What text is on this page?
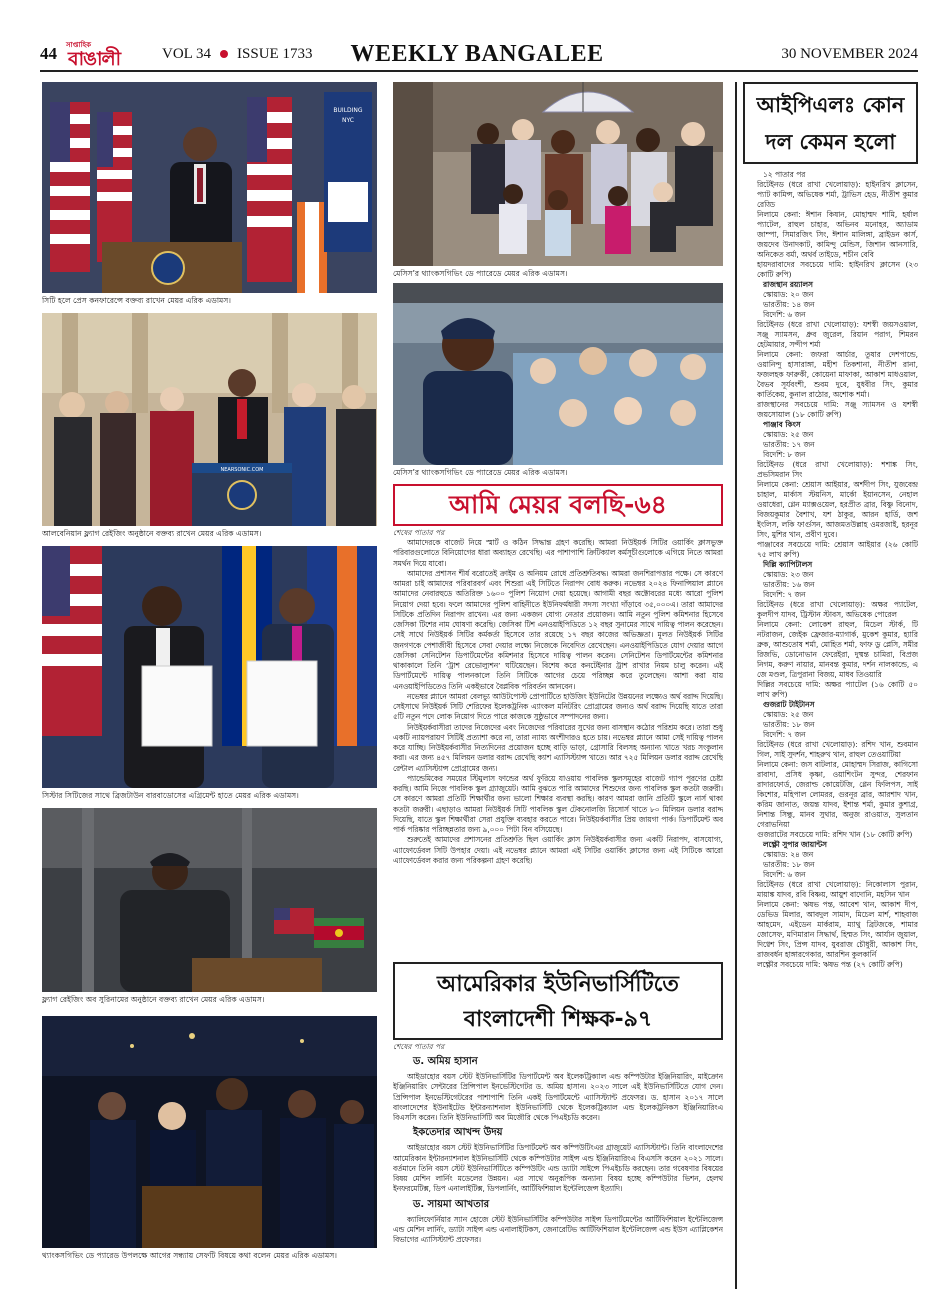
44	সাপ্তাহিক
বাঙালী	VOL 34 ISSUE 1733 WEEKLY BANGALEE	30 NOVEMBER 2024
BUILDING
NYC
সিটি হলে প্রেস কনফারেন্সে বক্তব্য রাখেন মেয়র এরিক এডামস।
NEARSONIC.COM
আলবেনিয়ান ফ্ল্যাগ রেইজিং অনুষ্ঠানে বক্তব্য রাখেন মেয়র এরিক এডামস।
সিস্টার সিটিজের সাথে ব্রিজটাউন বারবাডোসের এগ্রিমেন্ট হাতে মেয়র এরিক এডামস।
ফ্ল্যাগ রেইজিং অব সুরিনামের অনুষ্ঠানে বক্তব্য রাখেন মেয়র এরিক এডামস।
থ্যাংকসগিভিং ডে প্যারেড উপলক্ষে আগের সন্ধ্যায় সেফটি বিষয়ে কথা বলেন মেয়র এরিক এডামস।
মেসিস’র থ্যাংকসগিভিং ডে প্যারেডে মেয়র এরিক এডামস।
মেসিস’র থ্যাংকসগিভিং ডে প্যারেডে মেয়র এরিক এডামস।
আমি মেয়র বলছি-৬৪
শেষের পাতার পর

আমাদেরকে বাজেট নিয়ে স্মার্ট ও কঠিন সিদ্ধান্ত গ্রহণ করেছি। আমরা নিউইয়র্ক সিটির ওয়ার্কিং ক্লাসভুক্ত পরিবারগুলোতে বিনিয়োগের ধারা অব্যাহত রেখেছি। এর পাশাপাশি ক্রিটিক্যাল কর্মসূচীগুলোকে এগিয়ে নিতে আমরা সমর্থন দিয়ে যাবো।

আমাদের প্রশাসন শীর্ষ বরোতেই ক্রাইম ও অনিয়ম রোধে প্রতিশ্রুতিবদ্ধ। আমরা জনশিরাপত্তার পক্ষে। সে কারণে আমরা চাই আমাদের পরিবারবর্গ এবং শিশুরা এই সিটিতে নিরাপদ বোধ করুক। নভেম্বর ২০২৪ ফিনান্সিয়াল প্ল্যানে আমাদের নেবারহুডে অতিরিক্ত ১৬০০ পুলিশ নিয়োগ দেয়া হয়েছে। আগামী বছর অক্টোবরের মধ্যে আরো পুলিশ নিয়োগ দেয়া হবে। ফলে আমাদের পুলিশ বাহিনীতে ইউনিফর্মধারী সদস্য সংখ্যা দাঁড়াবে ৩৫,০০০এ। তারা আমাদের সিটিকে প্রতিদিন নিরাপদ রাখেন। এর জন্য একজন যোগ্য নেতার প্রয়োজন। আমি নতুন পুলিশ কমিশনার হিসেবে জেসিকা টিশের নাম ঘোষণা করেছি। জেসিকা টিশ এনওয়াইপিডিতে ১২ বছর সুনামের সাথে দায়িত্ব পালন করেছেন। সেই সাথে নিউইয়র্ক সিটির কর্মকর্তা হিসেবে তার রয়েছে ১৭ বছর কাজের অভিজ্ঞতা। মূলত নিউইয়র্ক সিটির জনগণকে পেশাজীবী হিসেবে সেবা দেয়ার লক্ষ্যে নিজেকে নিবেদিত রেখেছেন। এনওয়াইপিডিতে যোগ দেয়ার আগে জেসিকা সেনিটেশন ডিপার্টমেন্টের কমিশনার হিসেবে দায়িত্ব পালন করেন। সেনিটেশন ডিপার্টমেন্টের কমিশনার থাকাকালে তিনি ‘ট্রাশ রেভোল্যুশন’ ঘটিয়েছেন। বিশেষ করে কনটেইনার ট্রাশ রাখার নিয়ম চালু করেন। এই ডিপার্টমেন্টে দায়িত্ব পালনকালে তিনি সিটিকে আগের চেয়ে পরিচ্ছন্ন করে তুলেছেন। আশা করা যায় এনওয়াইপিডিতেও তিনি একইভাবে বৈপ্লবিক পরিবর্তন আনবেন।

নভেম্বর প্ল্যানে আমরা বেলভ্যু আউটপোস্ট প্রোপার্টিতে হাউজিং ইউনিটের উন্নয়নের লক্ষ্যেও অর্থ বরাদ্দ দিয়েছি। সেইসাথে নিউইয়র্ক সিটি শেরিফের ইলেকট্রনিক এ্যাংকল মনিটরিং প্রোগ্রামের জন্যও অর্থ বরাদ্দ দিয়েছি যাতে তারা ৫টি নতুন পদে লোক নিয়োগ দিতে পারে কাজকে সুষ্ঠুভাবে সম্পাদনের জন্য।

নিউইয়র্কবাসীরা তাদের নিজেদের এবং নিজেদের পরিবারের সুখের জন্য বাসস্থান কঠোর পরিশ্রম করে। তারা শুধু একটি ন্যায়পরায়ণ সিটিই প্রত্যাশা করে না, তারা ন্যায্য অংশীদারও হতে চায়। নভেম্বর প্ল্যানে আমা সেই দায়িত্ব পালন করে যাচ্ছি। নিউইয়র্কবাসীর নিত্যদিনের প্রয়োজন হচ্ছে বাড়ি ভাড়া, গ্রোসারি বিলসহ অন্যান্য খাতে খরচ সংকুলান করা। এর জন্য ৪৫৭ মিলিয়ন ডলার বরাদ্দ রেখেছি ক্যাশ এ্যাসিস্ট্যান্স খাতে। আর ৭২৫ মিলিয়ন ডলার বরাদ্দ রেখেছি রেন্টাল এ্যাসিস্ট্যান্স প্রোগ্রামের জন্য।

প্যান্ডেমিকের সময়ের স্টিমুলাস ফান্ডের অর্থ ফুরিয়ে যাওয়ায় পাবলিক স্কুলসমূহের বাজেট গ্যাপ পূরণের চেষ্টা করছি। আমি নিজে পাবলিক স্কুল গ্র্যাজুয়েট। আমি বুঝতে পারি আমাদের শিশুদের জন্য পাবলিক স্কুল কতটা জরুরী। সে কারণে আমরা প্রতিটি শিক্ষার্থীর জন্য ভালো শিক্ষার ব্যবস্থা করছি। কারণ আমরা জানি প্রতিটি স্কুলে নার্স থাকা কতটা জরুরী। এছাড়াও আমরা নিউইয়র্ক সিটি পাবলিক স্কুল টেকনোলজি রিসোর্স খাতে ৮০ মিলিয়ন ডলার বরাদ্দ দিয়েছি, যাতে স্কুল শিক্ষার্থীরা সেরা প্রযুক্তি ব্যবহার করতে পারে। নিউইয়র্কবাসীর প্রিয় জায়গা পার্ক। ডিপার্টমেন্ট অব পার্ক পরিষ্কার পরিচ্ছন্নতার জন্য ৯,০০০ পিটা বিন বসিয়েছে।

শুরুতেই আমাদের প্রশাসনের প্রতিশ্রুতি ছিল ওয়ার্কিং ক্লাস নিউইয়র্কবাসীর জন্য একটি নিরাপদ, বাসযোগ্য, এ্যাফোর্ডেবল সিটি উপহার দেয়া। এই নভেম্বর প্ল্যানে আমরা এই সিটির ওয়ার্কিং ক্লাসের জন্য এই সিটিকে আরো এ্যাফোর্ডেবল করার জন্য পরিকল্পনা গ্রহণ করেছি।

আমেরিকার ইউনিভার্সিটিতে
বাংলাদেশী শিক্ষক-৯৭
শেষের পাতার পর
ড. অমিয় হাসান
আইডাহোর বয়স স্টেট ইউনিভার্সিটির ডিপার্টমেন্ট অব ইলেকট্রিক্যাল এন্ড কম্পিউটার ইঞ্জিনিয়ারিং, মাইক্রোন ইঞ্জিনিয়ারিং সেন্টারের প্রিন্সিপাল ইনভেস্টিগেটর ড. অমিয় হাসান। ২০২৩ সালে এই ইউনিভার্সিটিতে যোগ দেন। প্রিন্সিপাল ইনভেস্টিগেটরের পাশাপাশি তিনি একই ডিপার্টমেন্টে এ্যাসিস্ট্যান্ট প্রফেসর। ড. হাসান ২০১৭ সালে বাংলাদেশের ইউনাইটেড ইন্টারন্যাশনাল ইউনিভার্সিটি থেকে ইলেকট্রিক্যাল এন্ড ইলেকট্রনিকস ইঞ্জিনিয়ারিংএ বিএসসি করেন। তিনি ইউনিভার্সিটি অব মিজৌরি থেকে পিএইচডি করেন।
ইকতেদার আখন্দ উদয়
আইডাহোর বয়স স্টেট ইউনিভার্সিটির ডিপার্টমেন্ট অব কম্পিউটিংএর গ্রাজুয়েট এ্যাসিস্ট্যান্ট। তিনি বাংলাদেশের আমেরিকান ইন্টারন্যাশনাল ইউনিভার্সিটি থেকে কম্পিউটার সাইন্স এন্ড ইঞ্জিনিয়ারিংএ বিএসসি করেন ২০২১ সালে। বর্তমানে তিনি বয়স স্টেট ইউনিভার্সিটিতে কম্পিউটিং এন্ড ড্যাটা সাইন্সে পিএইচডি করছেন। তার গবেষণার বিষয়ের বিষয় মেশিন লার্নিং মডেলের উন্নয়ন। এর সাথে অনুরূপিক অন্যান্য বিষয় হচ্ছে কম্পিউটার ভিশন, হেলথ ইনফরমেটিক্স, ডিপ এনালাইটিক্স, ডিপলার্নিং, আর্টিফিশিয়াল ইন্টেলিজেন্স ইত্যাদি।
ড. সায়মা আখতার
ক্যালিফোর্নিয়ার স্যান হোজে স্টেট ইউনিভার্সিটির কম্পিউটার সাইন্স ডিপার্টমেন্টের আর্টিফিশিয়াল ইন্টেলিজেন্স এন্ড মেশিন লার্নিং, ড্যাটা সাইন্স এন্ড এনালাইটিকস, জেনারেটিভ আর্টিফিশিয়াল ইন্টেলিজেন্স এন্ড ইউস এ্যাপ্লিকেশন বিভাগের এ্যাসিস্ট্যান্ট প্রফেসর।
আইপিএলঃ কোন
দল কেমন হলো
১২ পাতার পর
রিটেইনড (ধরে রাখা খেলোয়াড়): হাইনরিখ ক্লাসেন, প্যাট কামিন্স, অভিষেক শর্মা, ট্রাভিস হেড, নীতীশ কুমার রেড্ডি
নিলামে কেনা: ঈশান কিষান, মোহাম্মদ শামি, হর্ষাল প্যাটেল, রাহুল চাহার, অভিনব মনোহর, অ্যাডাম জাম্পা, সিমারজিৎ সিং, ঈশান মালিঙ্গা, ব্রাইডন কার্স, জয়দেব উনাদকাট, কামিন্দু মেন্ডিস, জিশান আনসারি, অনিকেত বর্মা, অথর্ব তাইডে, শচীন বেবি
হায়দরাবাদের সবচেয়ে দামি: হাইনরিখ ক্লাসেন (২৩ কোটি রুপি)
রাজস্থান রয়্যালস
স্কোয়াড: ২০ জন
ভারতীয়: ১৪ জন
বিদেশি: ৬ জন
রিটেইনড (ধরে রাখা খেলোয়াড়): যশস্বী জয়সওয়াল, সঞ্জু স্যামসন, ধ্রুব জুরেল, রিয়ান পরাগ, শিমরন হেটমায়ার, সন্দীপ শর্মা
নিলামে কেনা: জফরা আর্চার, তুষার দেশপান্ডে, ওয়ানিন্দু হাসারাঙ্গা, মহীশ তিকশানা, নীতীশ রানা, ফজলহক ফারুকী, কোয়েনা মাফাকা, আকাশ মাধওয়াল, বৈভব সূর্যবংশী, শুবম দুবে, যুধবীর সিং, কুমার কার্তিকেয়, কুনাল রাঠোর, অশোক শর্মা।
রাজস্থানের সবচেয়ে দামি: সঞ্জু স্যামসন ও যশস্বী জয়সোয়াল (১৮ কোটি রুপি)
পাঞ্জাব কিংস
স্কোয়াড: ২৫ জন
ভারতীয়: ১৭ জন
বিদেশি: ৮ জন
রিটেইনড (ধরে রাখা খেলোয়াড়): শশাঙ্ক সিং, প্রভসিমরান সিং
নিলামে কেনা: শ্রেয়াস আইয়ার, অর্শদীপ সিং, যুজবেন্দ্র চাহাল, মার্কাস স্টয়নিস, মার্কো ইয়ানসেন, নেহাল ওয়াধেরা, গ্লেন ম্যাক্সওয়েল, হরপ্রীত ব্রার, বিষ্ণু বিনোদ, বিজয়কুমার বৈশাখ, যশ ঠাকুর, আরন হার্ডি, জশ ইংলিস, লকি ফার্গুসন, আজমতউল্লাহ ওমরজাই, হরনূর সিং, মুশির খান, প্রবীণ দুবে।
পাঞ্জাবের সবচেয়ে দামি: শ্রেয়াস আইয়ার (২৬ কোটি ৭৫ লাখ রুপি)
দিল্লি ক্যাপিটালস
স্কোয়াড: ২৩ জন
ভারতীয়: ১৬ জন
বিদেশি: ৭ জন
রিটেইনড (ধরে রাখা খেলোয়াড়): অক্ষর প্যাটেল, কুলদীপ যাদব, ট্রিস্টান স্টাবস, অভিষেক পোরেল
নিলামে কেনা: লোকেশ রাহুল, মিচেল স্টার্ক, টি নটরাজন, জেইক ফ্রেজার-ম্যাগার্ক, মুকেশ কুমার, হ্যারি ব্রুক, আশুতোষ শর্মা, মোহিত শর্মা, ফাফ ডু প্লেসি, সমীর রিজভি, ডোনোভান ফেরেইরা, দুষ্মন্ত চামিরা, বিপ্রজ নিগম, করুণ নায়ার, মানবন্ত কুমার, দর্শন নালকান্ডে, এ জে মণ্ডল, ত্রিপুরানা বিজয়, মাধব তিওয়ারি
দিল্লির সবচেয়ে দামি: অক্ষর প্যাটেল (১৬ কোটি ৫০ লাখ রুপি)
গুজরাট টাইটানস
স্কোয়াড: ২৫ জন
ভারতীয়: ১৮ জন
বিদেশি: ৭ জন
রিটেইনড (ধরে রাখা খেলোয়াড়): রশিদ খান, শুবমান গিল, সাই সুদর্শন, শাহরুখ খান, রাহুল তেওয়াটিয়া
নিলামে কেনা: জস বাটলার, মোহাম্মদ সিরাজ, কাগিসো রাবাদা, প্রসিধ কৃষ্ণা, ওয়াশিংটন সুন্দর, শেরফান রাদারফোর্ড, জেরাল্ড কোয়েটজি, গ্লেন ফিলিপস, সাই কিশোর, মহিপাল লোমরর, গুরনূর ব্রার, আরশাদ খান, করিম জানাত, জয়ন্ত যাদব, ইশান্ত শর্মা, কুমার কুশাগ্র, নিশান্ত সিন্ধু, মানব সুথার, অনুজ রাওয়াত, সুলতান গেরাভনিয়া
গুজরাটের সবচেয়ে দামি: রশিদ খান (১৮ কোটি রুপি)
লক্ষ্ণৌ সুপার জায়ান্টস
স্কোয়াড: ২৪ জন
ভারতীয়: ১৮ জন
বিদেশি: ৬ জন
রিটেইনড (ধরে রাখা খেলোয়াড়): নিকোলাস পুরান, মায়াঙ্ক যাদব, রবি বিষ্ণয়, আয়ুশ বাদোনি, মহসিন খান
নিলামে কেনা: ঋষভ পন্ত, আবেশ খান, আকাশ দীপ, ডেভিড মিলার, আবদুল সামাদ, মিচেল মার্শ, শাহবাজ আহমেদ, এইডেন মার্করাম, ম্যাথু ব্রিটজকে, শামার জোসেফ, মণিমারান সিদ্ধার্থ, হিম্মত সিং, আর্যান জুয়াল, দিগ্বেশ সিং, প্রিন্স যাদব, যুবরাজ চৌধুরী, আকাশ সিং, রাজবর্ধন হাঙ্গারগেকার, আরশিন কুলকার্নি
লক্ষ্ণৌর সবচেয়ে দামি: ঋষভ পন্ত (২৭ কোটি রুপি)
